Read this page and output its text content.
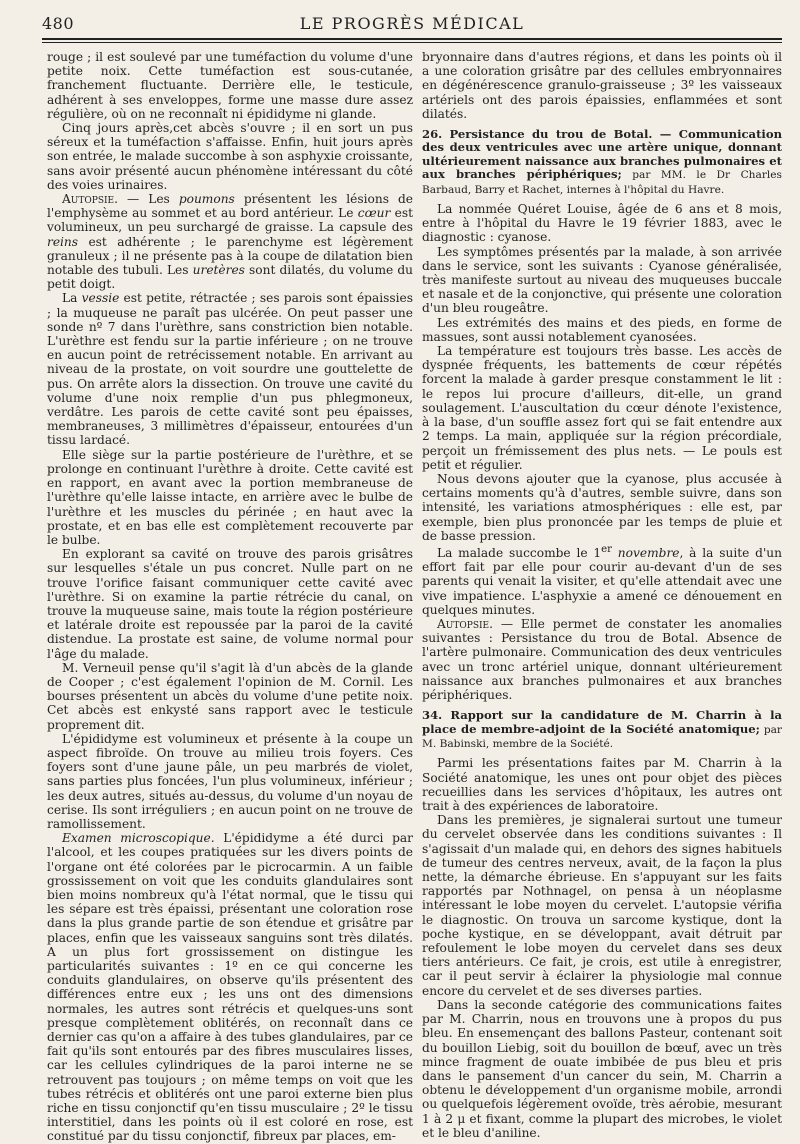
480	LE PROGRÈS MÉDICAL

rouge ; il est soulevé par une tuméfaction du volume d'une petite noix. Cette tuméfaction est sous-cutanée, franchement fluctuante. Derrière elle, le testicule, adhérent à ses enveloppes, forme une masse dure assez régulière, où on ne reconnaît ni épididyme ni glande.

Cinq jours après,cet abcès s'ouvre ; il en sort un pus séreux et la tuméfaction s'affaisse. Enfin, huit jours après son entrée, le malade succombe à son asphyxie croissante, sans avoir présenté aucun phénomène intéressant du côté des voies urinaires.

Autopsie. — Les poumons présentent les lésions de l'emphysème au sommet et au bord antérieur. Le cœur est volumineux, un peu surchargé de graisse. La capsule des reins est adhérente ; le parenchyme est légèrement granuleux ; il ne présente pas à la coupe de dilatation bien notable des tubuli. Les uretères sont dilatés, du volume du petit doigt.

La vessie est petite, rétractée ; ses parois sont épaissies ; la muqueuse ne paraît pas ulcérée. On peut passer une sonde nº 7 dans l'urèthre, sans constriction bien notable. L'urèthre est fendu sur la partie inférieure ; on ne trouve en aucun point de retrécissement notable. En arrivant au niveau de la prostate, on voit sourdre une gouttelette de pus. On arrête alors la dissection. On trouve une cavité du volume d'une noix remplie d'un pus phlegmoneux, verdâtre. Les parois de cette cavité sont peu épaisses, membraneuses, 3 millimètres d'épaisseur, entourées d'un tissu lardacé.

Elle siège sur la partie postérieure de l'urèthre, et se prolonge en continuant l'urèthre à droite. Cette cavité est en rapport, en avant avec la portion membraneuse de l'urèthre qu'elle laisse intacte, en arrière avec le bulbe de l'urèthre et les muscles du périnée ; en haut avec la prostate, et en bas elle est complètement recouverte par le bulbe.

En explorant sa cavité on trouve des parois grisâtres sur lesquelles s'étale un pus concret. Nulle part on ne trouve l'orifice faisant communiquer cette cavité avec l'urèthre. Si on examine la partie rétrécie du canal, on trouve la muqueuse saine, mais toute la région postérieure et latérale droite est repoussée par la paroi de la cavité distendue. La prostate est saine, de volume normal pour l'âge du malade.

M. Verneuil pense qu'il s'agit là d'un abcès de la glande de Cooper ; c'est également l'opinion de M. Cornil. Les bourses présentent un abcès du volume d'une petite noix. Cet abcès est enkysté sans rapport avec le testicule proprement dit.

L'épididyme est volumineux et présente à la coupe un aspect fibroïde. On trouve au milieu trois foyers. Ces foyers sont d'une jaune pâle, un peu marbrés de violet, sans parties plus foncées, l'un plus volumineux, inférieur ; les deux autres, situés au-dessus, du volume d'un noyau de cerise. Ils sont irréguliers ; en aucun point on ne trouve de ramollissement.

Examen microscopique. L'épididyme a été durci par l'alcool, et les coupes pratiquées sur les divers points de l'organe ont été colorées par le picrocarmin. A un faible grossissement on voit que les conduits glandulaires sont bien moins nombreux qu'à l'état normal, que le tissu qui les sépare est très épaissi, présentant une coloration rose dans la plus grande partie de son étendue et grisâtre par places, enfin que les vaisseaux sanguins sont très dilatés. A un plus fort grossissement on distingue les particularités suivantes : 1º en ce qui concerne les conduits glandulaires, on observe qu'ils présentent des différences entre eux ; les uns ont des dimensions normales, les autres sont rétrécis et quelques-uns sont presque complètement oblitérés, on reconnaît dans ce dernier cas qu'on a affaire à des tubes glandulaires, par ce fait qu'ils sont entourés par des fibres musculaires lisses, car les cellules cylindriques de la paroi interne ne se retrouvent pas toujours ; on même temps on voit que les tubes rétrécis et oblitérés ont une paroi externe bien plus riche en tissu conjonctif qu'en tissu musculaire ; 2º le tissu interstitiel, dans les points où il est coloré en rose, est constitué par du tissu conjonctif, fibreux par places, em-

bryonnaire dans d'autres régions, et dans les points où il a une coloration grisâtre par des cellules embryonnaires en dégénérescence granulo-graisseuse ; 3º les vaisseaux artériels ont des parois épaissies, enflammées et sont dilatés.

26. Persistance du trou de Botal. — Communication des deux ventricules avec une artère unique, donnant ultérieurement naissance aux branches pulmonaires et aux branches périphériques; par MM. le Dr Charles Barbaud, Barry et Rachet, internes à l'hôpital du Havre.

La nommée Quéret Louise, âgée de 6 ans et 8 mois, entre à l'hôpital du Havre le 19 février 1883, avec le diagnostic : cyanose.

Les symptômes présentés par la malade, à son arrivée dans le service, sont les suivants : Cyanose généralisée, très manifeste surtout au niveau des muqueuses buccale et nasale et de la conjonctive, qui présente une coloration d'un bleu rougeâtre.

Les extrémités des mains et des pieds, en forme de massues, sont aussi notablement cyanosées.

La température est toujours très basse. Les accès de dyspnée fréquents, les battements de cœur répétés forcent la malade à garder presque constamment le lit : le repos lui procure d'ailleurs, dit-elle, un grand soulagement. L'auscultation du cœur dénote l'existence, à la base, d'un souffle assez fort qui se fait entendre aux 2 temps. La main, appliquée sur la région précordiale, perçoit un frémissement des plus nets. — Le pouls est petit et régulier.

Nous devons ajouter que la cyanose, plus accusée à certains moments qu'à d'autres, semble suivre, dans son intensité, les variations atmosphériques : elle est, par exemple, bien plus prononcée par les temps de pluie et de basse pression.

La malade succombe le 1er novembre, à la suite d'un effort fait par elle pour courir au-devant d'un de ses parents qui venait la visiter, et qu'elle attendait avec une vive impatience. L'asphyxie a amené ce dénouement en quelques minutes.

Autopsie. — Elle permet de constater les anomalies suivantes : Persistance du trou de Botal. Absence de l'artère pulmonaire. Communication des deux ventricules avec un tronc artériel unique, donnant ultérieurement naissance aux branches pulmonaires et aux branches périphériques.

34. Rapport sur la candidature de M. Charrin à la place de membre-adjoint de la Société anatomique; par M. Babinski, membre de la Société.

Parmi les présentations faites par M. Charrin à la Société anatomique, les unes ont pour objet des pièces recueillies dans les services d'hôpitaux, les autres ont trait à des expériences de laboratoire.

Dans les premières, je signalerai surtout une tumeur du cervelet observée dans les conditions suivantes : Il s'agissait d'un malade qui, en dehors des signes habituels de tumeur des centres nerveux, avait, de la façon la plus nette, la démarche ébrieuse. En s'appuyant sur les faits rapportés par Nothnagel, on pensa à un néoplasme intéressant le lobe moyen du cervelet. L'autopsie vérifia le diagnostic. On trouva un sarcome kystique, dont la poche kystique, en se développant, avait détruit par refoulement le lobe moyen du cervelet dans ses deux tiers antérieurs. Ce fait, je crois, est utile à enregistrer, car il peut servir à éclairer la physiologie mal connue encore du cervelet et de ses diverses parties.

Dans la seconde catégorie des communications faites par M. Charrin, nous en trouvons une à propos du pus bleu. En ensemençant des ballons Pasteur, contenant soit du bouillon Liebig, soit du bouillon de bœuf, avec un très mince fragment de ouate imbibée de pus bleu et pris dans le pansement d'un cancer du sein, M. Charrin a obtenu le développement d'un organisme mobile, arrondi ou quelquefois légèrement ovoïde, très aérobie, mesurant 1 à 2 μ et fixant, comme la plupart des microbes, le violet et le bleu d'aniline.
